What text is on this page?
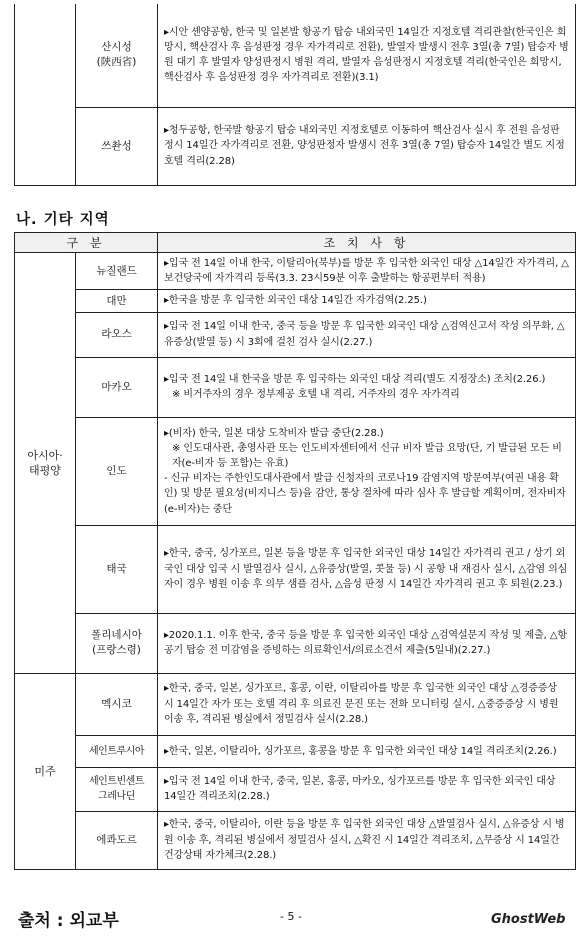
	산시성
(陝西省)	▸시안 셴양공항, 한국 및 일본발 항공기 탑승 내외국민 14일간 지정호텔 격리관찰(한국인은 희망시, 핵산검사 후 음성판정 경우 자가격리로 전환), 발열자 발생시 전후 3열(총 7열) 탑승자 병원 대기 후 발열자 양성판정시 병원 격리, 발열자 음성판정시 지정호텔 격리(한국인은 희망시, 핵산검사 후 음성판정 경우 자가격리로 전환)(3.1)

	쓰촨성	▸청두공항, 한국발 항공기 탑승 내외국민 지정호텔로 이동하여 핵산검사 실시 후 전원 음성판정시 14일간 자가격리로 전환, 양성판정자 발생시 전후 3열(총 7열) 탑승자 14일간 별도 지정호텔 격리(2.28)
나. 기타 지역
구 분		조 치 사 항

아시아·
태평양	뉴질랜드	▸입국 전 14일 이내 한국, 이탈리아(북부)를 방문 후 입국한 외국인 대상 △14일간 자가격리, △보건당국에 자가격리 등록(3.3. 23시59분 이후 출발하는 항공편부터 적용)
	대만	▸한국을 방문 후 입국한 외국인 대상 14일간 자가검역(2.25.)
	라오스	▸입국 전 14일 이내 한국, 중국 등을 방문 후 입국한 외국인 대상 △검역신고서 작성 의무화, △유증상(발열 등) 시 3회에 걸친 검사 실시(2.27.)
	마카오	▸입국 전 14일 내 한국을 방문 후 입국하는 외국인 대상 격리(별도 지정장소) 조치(2.26.)
※ 비거주자의 경우 정부제공 호텔 내 격리, 거주자의 경우 자가격리

	인도	▸(비자) 한국, 일본 대상 도착비자 발급 중단(2.28.)

※ 인도대사관, 총영사관 또는 인도비자센터에서 신규 비자 발급 요망(단, 기 발급된 모든 비자(e-비자 등 포함)는 유효)
- 신규 비자는 주한인도대사관에서 발급 신청자의 코로나19 감염지역 방문여부(여권 내용 확인) 및 방문 필요성(비지니스 등)을 감안, 통상 절차에 따라 심사 후 발급할 계획이며, 전자비자(e-비자)는 중단
	태국	▸한국, 중국, 싱가포르, 일본 등을 방문 후 입국한 외국인 대상 14일간 자가격리 권고 / 상기 외국인 대상 입국 시 발열검사 실시, △유증상(발열, 콧물 등) 시 공항 내 재검사 실시, △감염 의심자이 경우 병원 이송 후 의무 샘플 검사, △음성 판정 시 14일간 자가격리 권고 후 퇴원(2.23.)

	폴리네시아
(프랑스령)	▸2020.1.1. 이후 한국, 중국 등을 방문 후 입국한 외국인 대상 △검역설문지 작성 및 제출, △항공기 탑승 전 미감염을 증빙하는 의료확인서/의료소견서 제출(5일내)(2.27.)
미주	멕시코	▸한국, 중국, 일본, 싱가포르, 홍콩, 이란, 이탈리아를 방문 후 입국한 외국인 대상 △경증증상 시 14일간 자가 또는 호텔 격리 후 의료진 문진 또는 전화 모니터링 실시, △중증증상 시 병원 이송 후, 격리된 병실에서 정밀검사 실시(2.28.)
	세인트루시아	▸한국, 일본, 이탈리아, 싱가포르, 홍콩을 방문 후 입국한 외국인 대상 14일 격리조치(2.26.)

	세인트빈센트
그레나딘	▸입국 전 14일 이내 한국, 중국, 일본, 홍콩, 마카오, 싱가포르를 방문 후 입국한 외국인 대상 14일간 격리조치(2.28.)
	에콰도르	▸한국, 중국, 이탈리아, 이란 등을 방문 후 입국한 외국인 대상 △발열검사 실시, △유증상 시 병원 이송 후, 격리된 병실에서 정밀검사 실시, △확진 시 14일간 격리조치, △무증상 시 14일간 건강상태 자가체크(2.28.)
출처 : 외교부	- 5 -	GhostWeb
